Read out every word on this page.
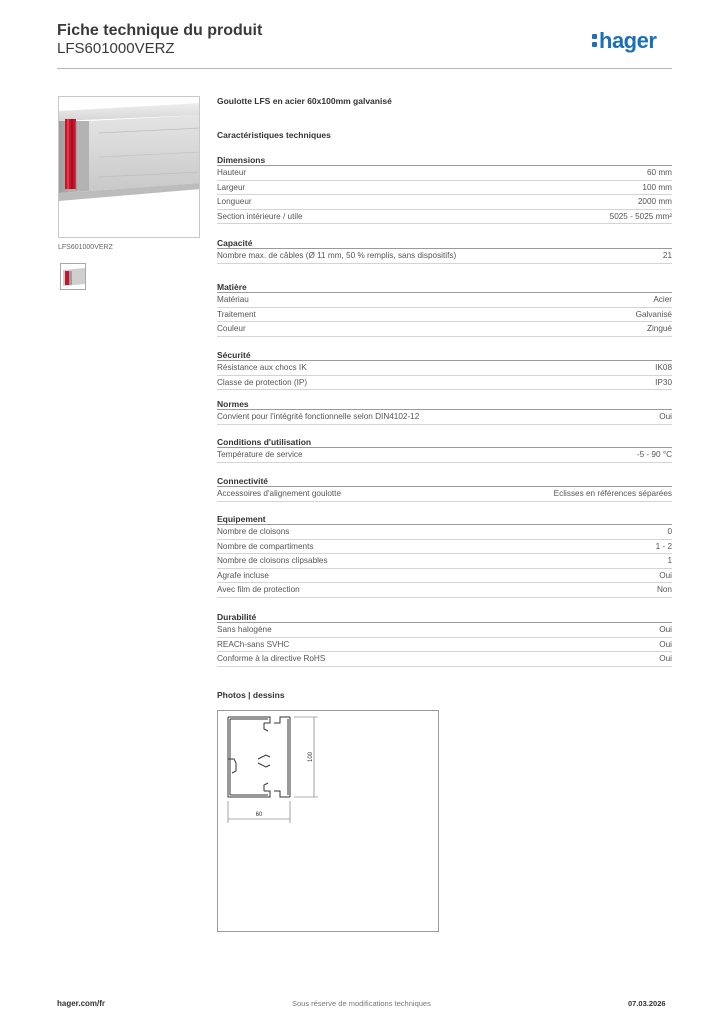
Fiche technique du produit
LFS601000VERZ	hager
LFS601000VERZ
Goulotte LFS en acier 60x100mm galvanisé
Caractéristiques techniques
Dimensions
Hauteur	60 mm
Largeur	100 mm
Longueur	2000 mm
Section intérieure / utile	5025 - 5025 mm²
Capacité
Nombre max. de câbles (Ø 11 mm, 50 % remplis, sans dispositifs)	21
Matière
Matériau	Acier
Traitement	Galvanisé
Couleur	Zingué
Sécurité
Résistance aux chocs IK	IK08
Classe de protection (IP)	IP30
Normes
Convient pour l'intégrité fonctionnelle selon DIN4102-12	Oui
Conditions d'utilisation
Température de service	-5 - 90 °C
Connectivité
Accessoires d'alignement goulotte	Eclisses en références séparées
Equipement
Nombre de cloisons	0
Nombre de compartiments	1 - 2
Nombre de cloisons clipsables	1
Agrafe incluse	Oui
Avec film de protection	Non
Durabilité
Sans halogène	Oui
REACh-sans SVHC	Oui
Conforme à la directive RoHS	Oui
Photos | dessins
100
60
hager.com/fr	Sous réserve de modifications techniques	07.03.2026
